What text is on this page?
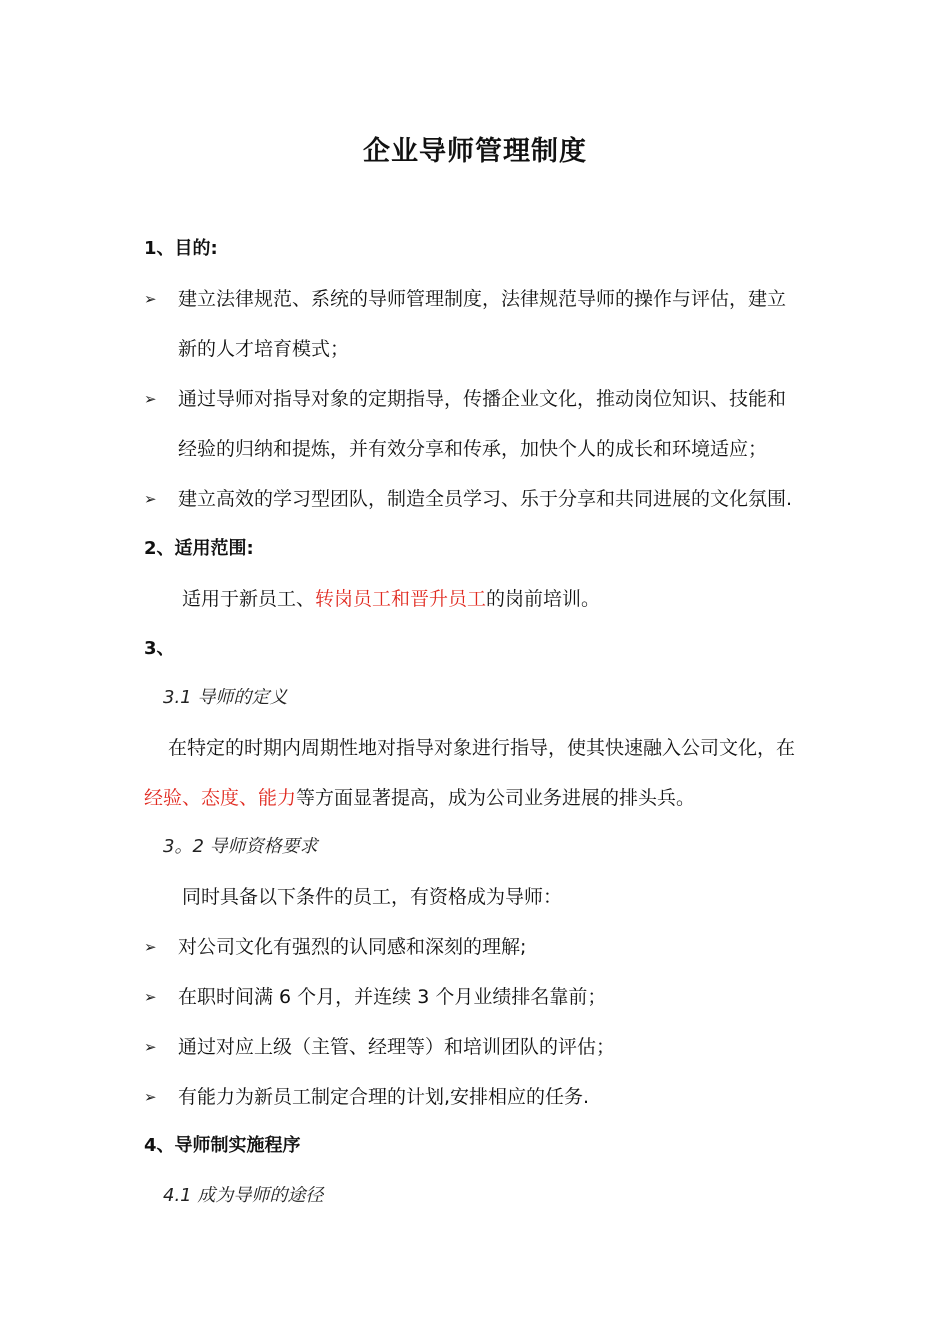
企业导师管理制度
1、目的:
➢ 建立法律规范、系统的导师管理制度，法律规范导师的操作与评估，建立
新的人才培育模式；
➢ 通过导师对指导对象的定期指导，传播企业文化，推动岗位知识、技能和
经验的归纳和提炼，并有效分享和传承，加快个人的成长和环境适应；
➢ 建立高效的学习型团队，制造全员学习、乐于分享和共同进展的文化氛围.
2、适用范围:
适用于新员工、转岗员工和晋升员工的岗前培训。
3、
3.1 导师的定义
在特定的时期内周期性地对指导对象进行指导，使其快速融入公司文化，在
经验、态度、能力等方面显著提高，成为公司业务进展的排头兵。
3。2 导师资格要求
同时具备以下条件的员工，有资格成为导师：
➢ 对公司文化有强烈的认同感和深刻的理解;
➢ 在职时间满 6 个月，并连续 3 个月业绩排名靠前；
➢ 通过对应上级（主管、经理等）和培训团队的评估；
➢ 有能力为新员工制定合理的计划,安排相应的任务.
4、导师制实施程序
4.1 成为导师的途径
